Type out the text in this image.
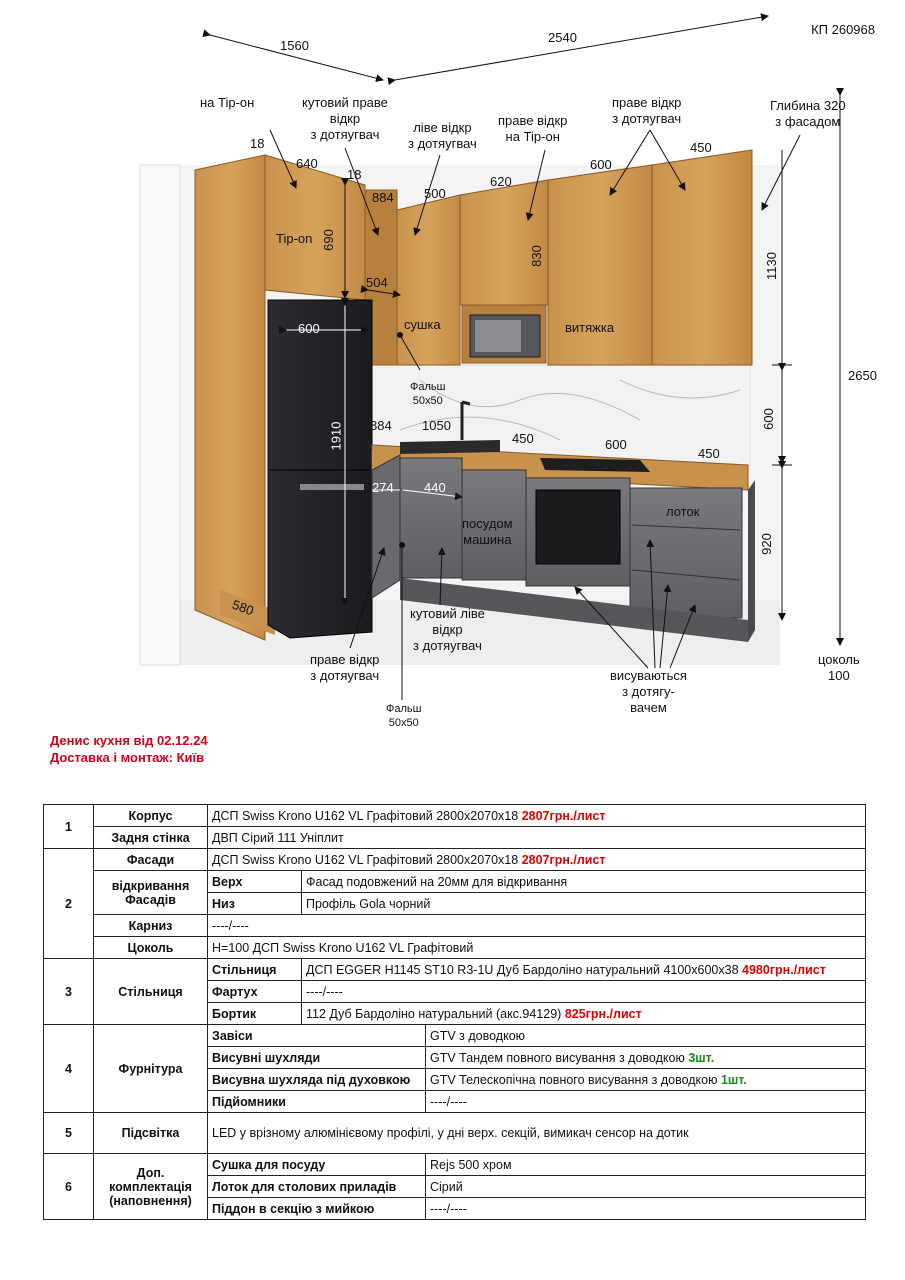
КП 260968
1560
2540
на Tip-он	кутовий праве
відкр
з дотяугвач	ліве відкр
з дотяугвач
праве відкр
на Tip-он
праве відкр
з дотяугвач
Глибина 320
з фасадом
18
640
18
884 500
620
600
450
Tip-on 690
830	1130
504
600	сушка	витяжка
2650
Фальш
50х50
600
1910 884 1050
450	600
450
274 440
посудом
машина
лоток
920
580	кутовий ліве
відкр
з дотяугвач
праве відкр
з дотяугвач	висуваються
з дотягу-
вачем
цоколь
100
Фальш
50х50
Денис кухня від 02.12.24
Доставка і монтаж: Київ
1	Корпус	ДСП Swiss Krono U162 VL Графітовий 2800х2070х18 2807грн./лист		
	Задня стінка	ДВП Сірий 111 Уніплит		
2	Фасади	ДСП Swiss Krono U162 VL Графітовий 2800х2070х18 2807грн./лист		
	відкривання Фасадів	Верх	Фасад подовжений на 20мм для відкривання	
		Низ	Профіль Gola чорний	
	Карниз	----/----		
	Цоколь	H=100 ДСП Swiss Krono U162 VL Графітовий		
3	Стільниця	Стільниця	ДСП EGGER H1145 ST10 R3-1U Дуб Бардоліно натуральний 4100х600х38 4980грн./лист	
		Фартух	----/----	
		Бортик	112 Дуб Бардоліно натуральний (акс.94129) 825грн./лист	
4	Фурнітура	Завіси		GTV з доводкою
		Висувні шухляди		GTV Тандем повного висування з доводкою 3шт.
		Висувна шухляда під духовкою		GTV Телескопічна повного висування з доводкою 1шт.
		Підйомники		----/----
5	Підсвітка	LED у врізному алюмінієвому профілі, у дні верх. секцій, вимикач сенсор на дотик		
6	Доп. комплектація (наповнення)	Сушка для посуду		Rejs 500 хром
		Лоток для столових приладів		Сірий
		Піддон в секцію з мийкою		----/----
